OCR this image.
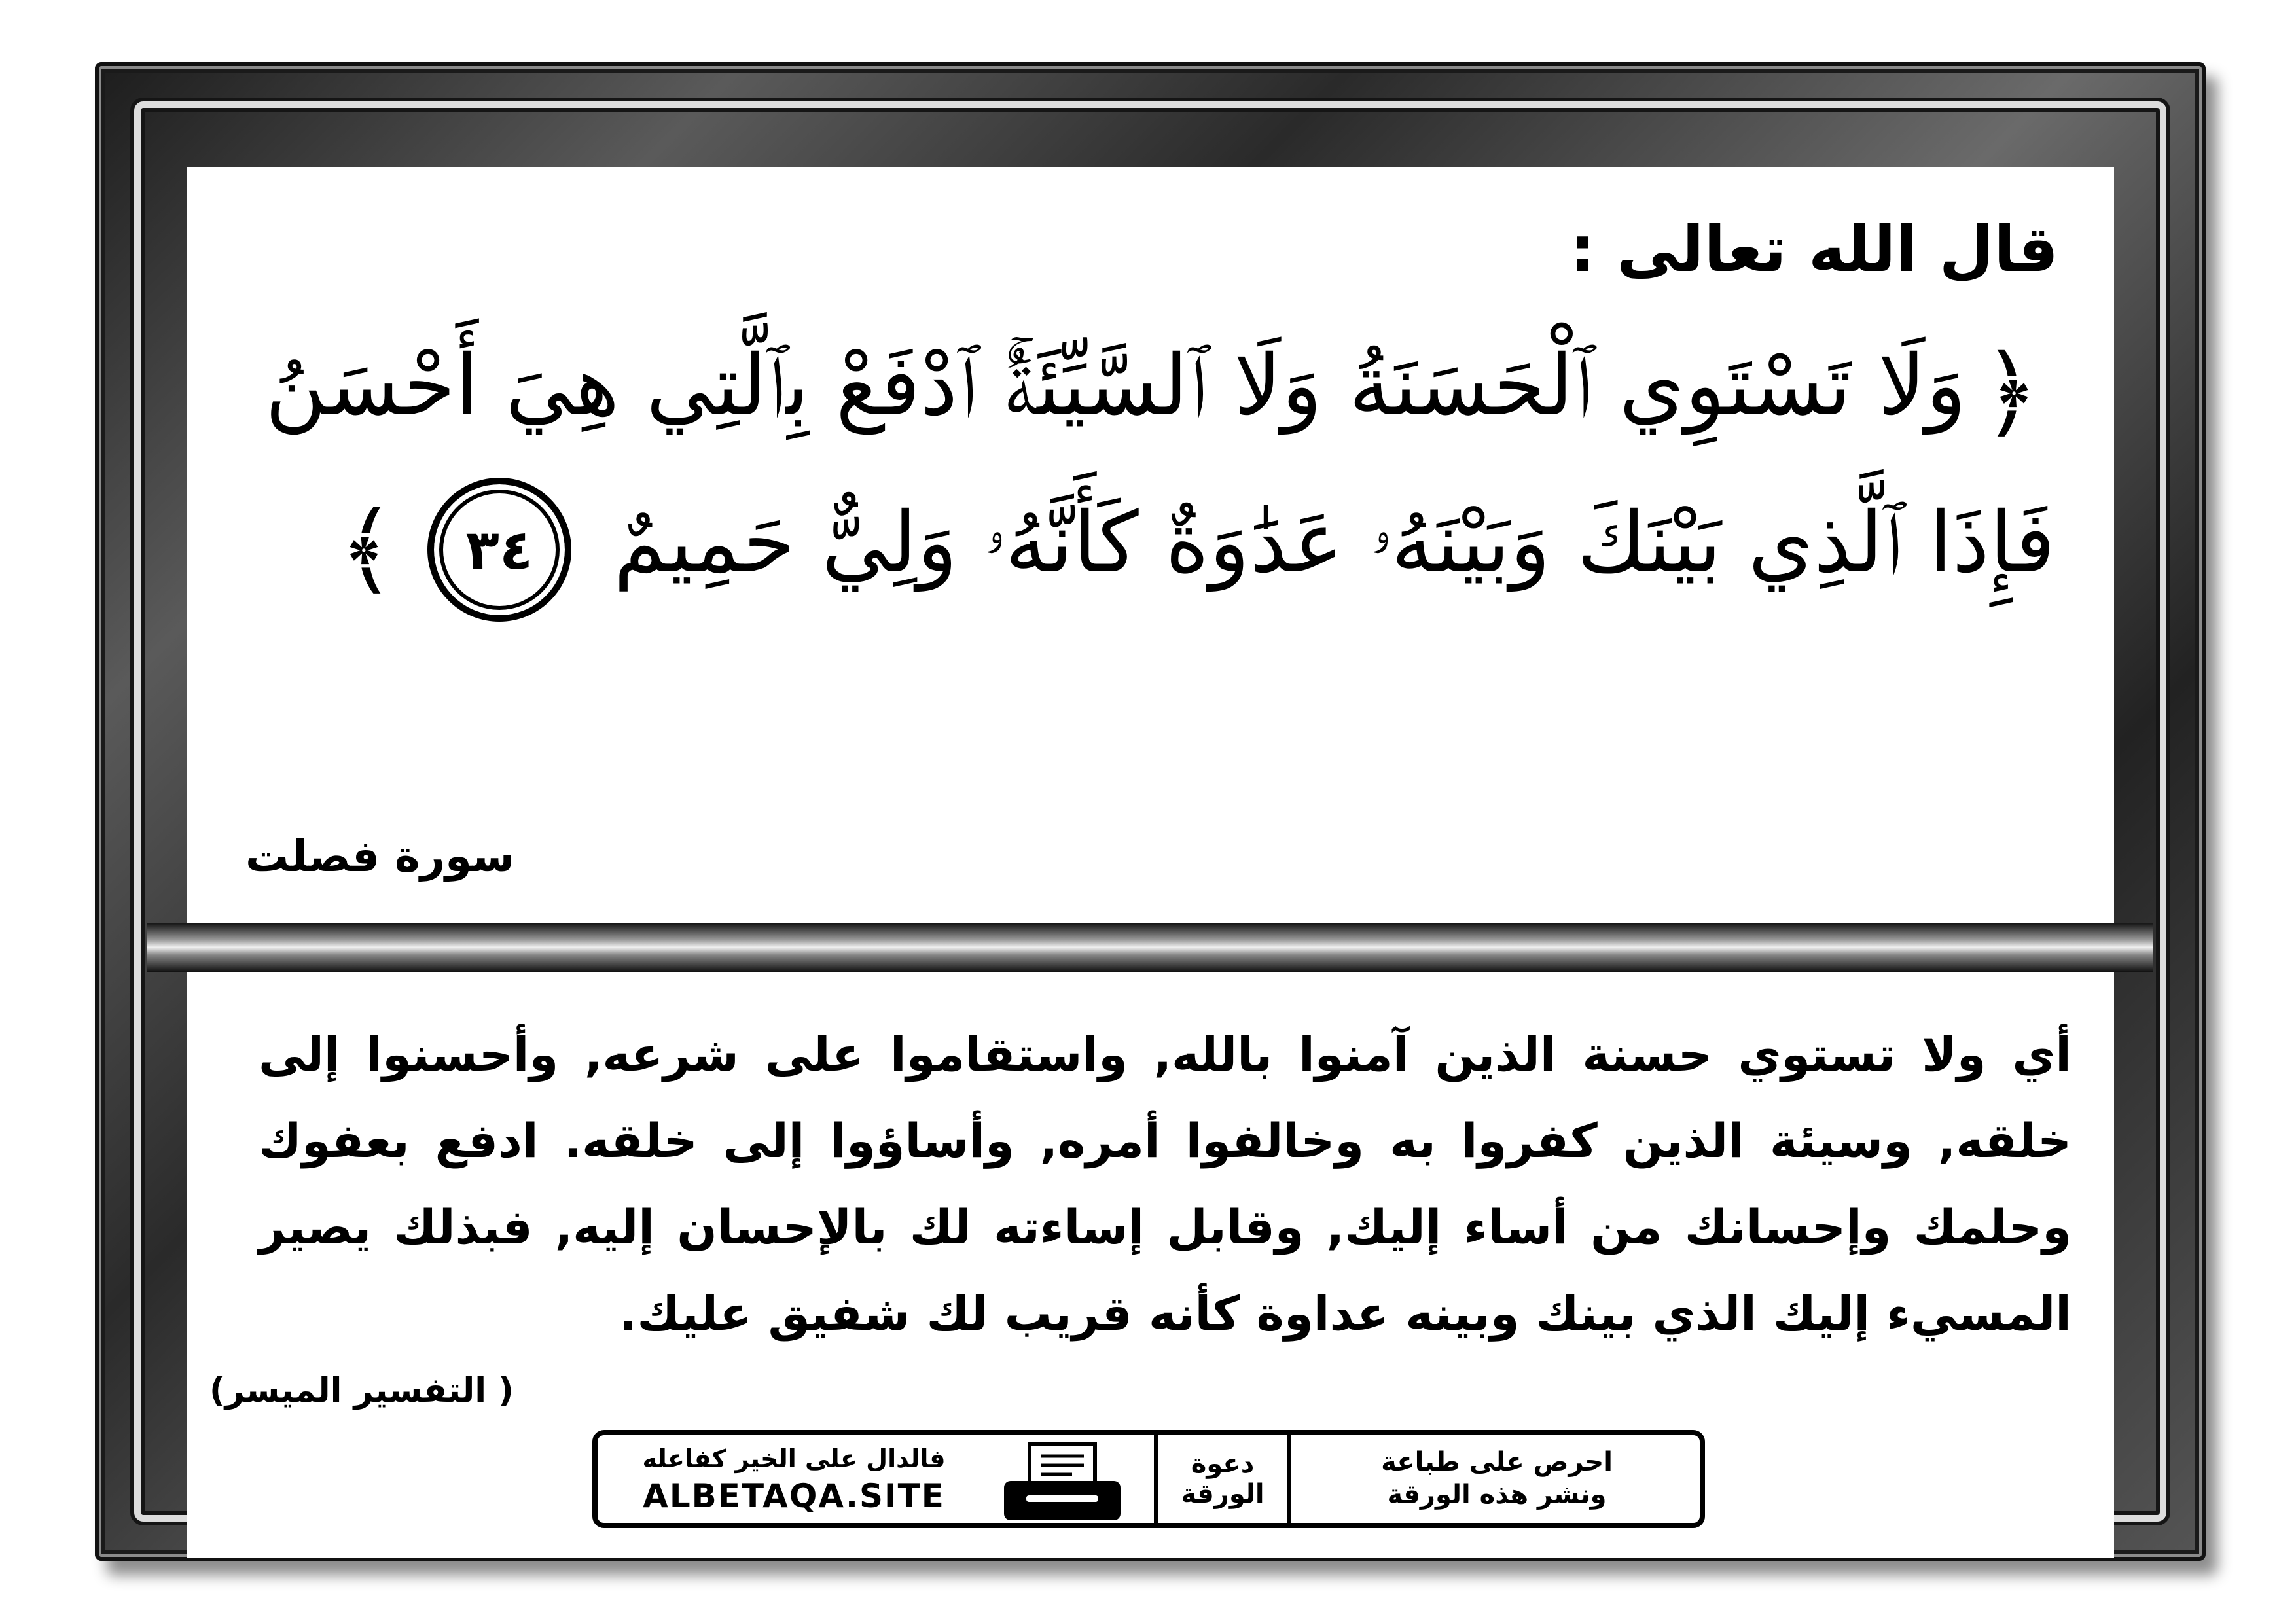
قال الله تعالى :

﴿وَلَا تَسْتَوِي ٱلْحَسَنَةُ وَلَا ٱلسَّيِّئَةُۚ ٱدْفَعْ بِٱلَّتِي هِيَ أَحْسَنُ فَإِذَا ٱلَّذِي بَيْنَكَ وَبَيْنَهُۥ عَدَٰوَةٌ كَأَنَّهُۥ وَلِيٌّ حَمِيمٌ ٣٤﴾

سورة فصلت

أي ولا تستوي حسنة الذين آمنوا بالله, واستقاموا على شرعه, وأحسنوا إلى خلقه, وسيئة الذين كفروا به وخالفوا أمره, وأساؤوا إلى خلقه. ادفع بعفوك وحلمك وإحسانك من أساء إليك, وقابل إساءته لك بالإحسان إليه, فبذلك يصير المسيء إليك الذي بينك وبينه عداوة كأنه قريب لك شفيق عليك.

( التفسير الميسر)

فالدال على الخير كفاعله
ALBETAQA.SITE
دعوة الورقة
احرص على طباعة
ونشر هذه الورقة
